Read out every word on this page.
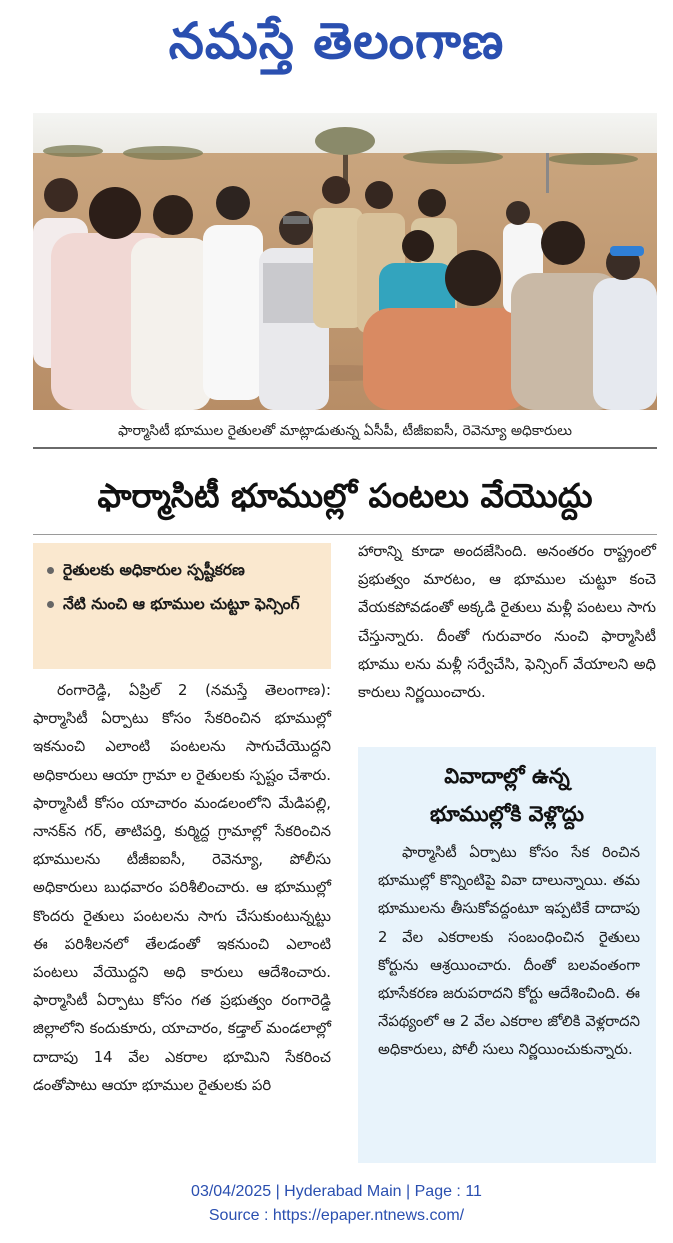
నమస్తే తెలంగాణ
ఫార్మాసిటీ భూముల రైతులతో మాట్లాడుతున్న ఏసీపీ, టీజీఐఐసీ, రెవెన్యూ అధికారులు
ఫార్మాసిటీ భూముల్లో పంటలు వేయొద్దు
రైతులకు అధికారుల స్పష్టీకరణ
నేటి నుంచి ఆ భూముల చుట్టూ ఫెన్సింగ్
రంగారెడ్డి, ఏప్రిల్ 2 (నమస్తే తెలంగాణ): ఫార్మాసిటీ ఏర్పాటు కోసం సేకరించిన భూముల్లో ఇకనుంచి ఎలాంటి పంటలను సాగుచేయొద్దని అధికారులు ఆయా గ్రామా ల రైతులకు స్పష్టం చేశారు. ఫార్మాసిటీ కోసం యాచారం మండలంలోని మేడిపల్లి, నానక్‌న గర్, తాటిపర్తి, కుర్మిద్ద గ్రామాల్లో సేకరించిన భూములను టీజీఐఐసీ, రెవెన్యూ, పోలీసు అధికారులు బుధవారం పరిశీలించారు. ఆ భూముల్లో కొందరు రైతులు పంటలను సాగు చేసుకుంటున్నట్టు ఈ పరిశీలనలో తేలడంతో ఇకనుంచి ఎలాంటి పంటలు వేయొద్దని అధి కారులు ఆదేశించారు. ఫార్మాసిటీ ఏర్పాటు కోసం గత ప్రభుత్వం రంగారెడ్డి జిల్లాలోని కందుకూరు, యాచారం, కడ్తాల్ మండలాల్లో దాదాపు 14 వేల ఎకరాల భూమిని సేకరించ డంతోపాటు ఆయా భూముల రైతులకు పరి
హారాన్ని కూడా అందజేసింది. అనంతరం రాష్ట్రంలో ప్రభుత్వం మారటం, ఆ భూముల చుట్టూ కంచె వేయకపోవడంతో అక్కడి రైతులు మళ్లీ పంటలు సాగు చేస్తున్నారు. దీంతో గురువారం నుంచి ఫార్మాసిటీ భూము లను మళ్లీ సర్వేచేసి, ఫెన్సింగ్ వేయాలని అధి కారులు నిర్ణయించారు.
వివాదాల్లో ఉన్న
భూముల్లోకి వెళ్లొద్దు
ఫార్మాసిటీ ఏర్పాటు కోసం సేక రించిన భూముల్లో కొన్నింటిపై వివా దాలున్నాయి. తమ భూములను తీసుకోవద్దంటూ ఇప్పటికే దాదాపు 2 వేల ఎకరాలకు సంబంధించిన రైతులు కోర్టును ఆశ్రయించారు. దీంతో బలవంతంగా భూసేకరణ జరుపరాదని కోర్టు ఆదేశించింది. ఈ నేపథ్యంలో ఆ 2 వేల ఎకరాల జోలికి వెళ్లరాదని అధికారులు, పోలీ సులు నిర్ణయించుకున్నారు.
03/04/2025 | Hyderabad Main | Page : 11
Source : https://epaper.ntnews.com/
